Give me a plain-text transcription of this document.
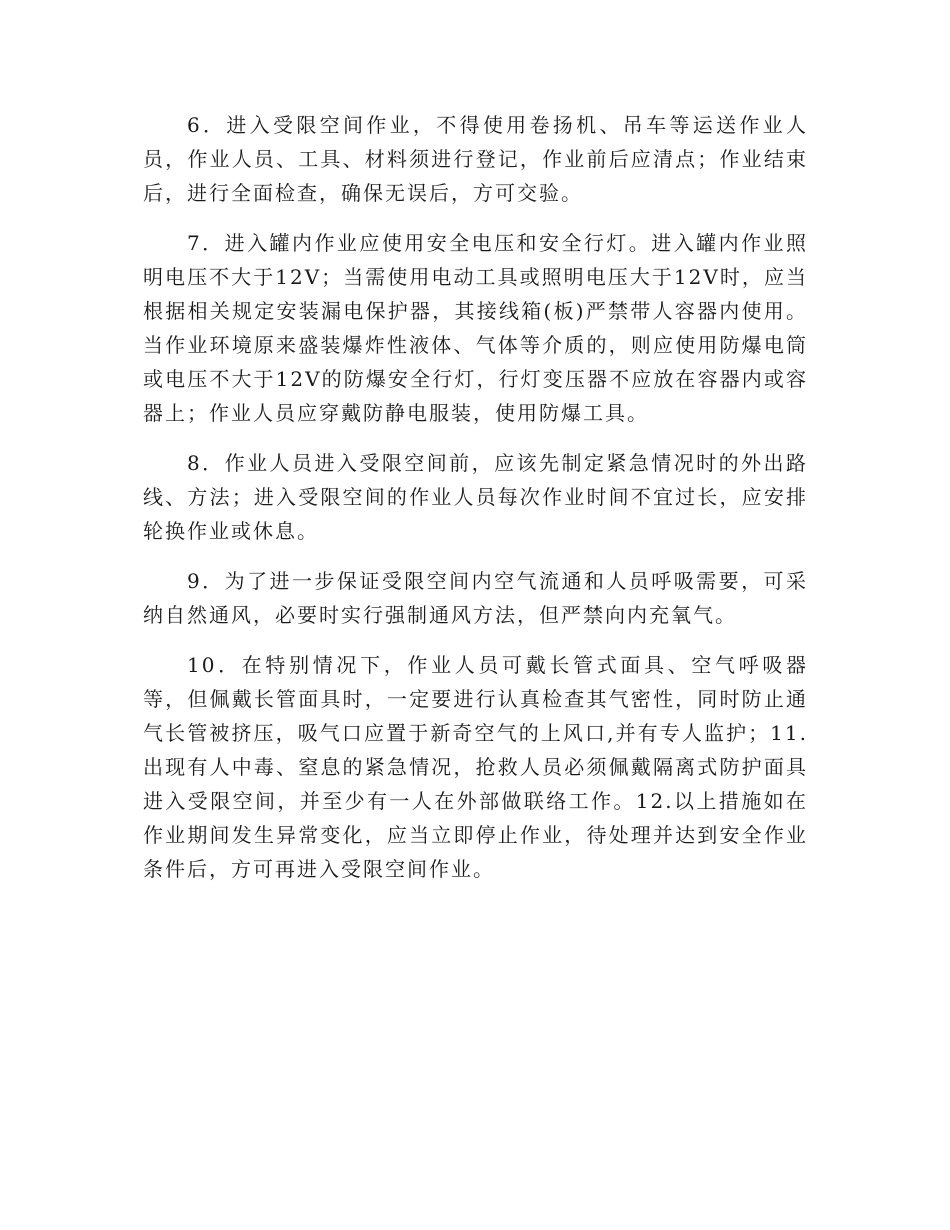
6．进入受限空间作业，不得使用卷扬机、吊车等运送作业人员，作业人员、工具、材料须进行登记，作业前后应清点；作业结束后，进行全面检查，确保无误后，方可交验。

7．进入罐内作业应使用安全电压和安全行灯。进入罐内作业照明电压不大于12V；当需使用电动工具或照明电压大于12V时，应当根据相关规定安装漏电保护器，其接线箱(板)严禁带人容器内使用。当作业环境原来盛装爆炸性液体、气体等介质的，则应使用防爆电筒或电压不大于12V的防爆安全行灯，行灯变压器不应放在容器内或容器上；作业人员应穿戴防静电服装，使用防爆工具。

8．作业人员进入受限空间前，应该先制定紧急情况时的外出路线、方法；进入受限空间的作业人员每次作业时间不宜过长，应安排轮换作业或休息。

9．为了进一步保证受限空间内空气流通和人员呼吸需要，可采纳自然通风，必要时实行强制通风方法，但严禁向内充氧气。

10．在特别情况下，作业人员可戴长管式面具、空气呼吸器等，但佩戴长管面具时，一定要进行认真检查其气密性，同时防止通气长管被挤压，吸气口应置于新奇空气的上风口,并有专人监护；11.出现有人中毒、窒息的紧急情况，抢救人员必须佩戴隔离式防护面具进入受限空间，并至少有一人在外部做联络工作。12.以上措施如在作业期间发生异常变化，应当立即停止作业，待处理并达到安全作业条件后，方可再进入受限空间作业。
